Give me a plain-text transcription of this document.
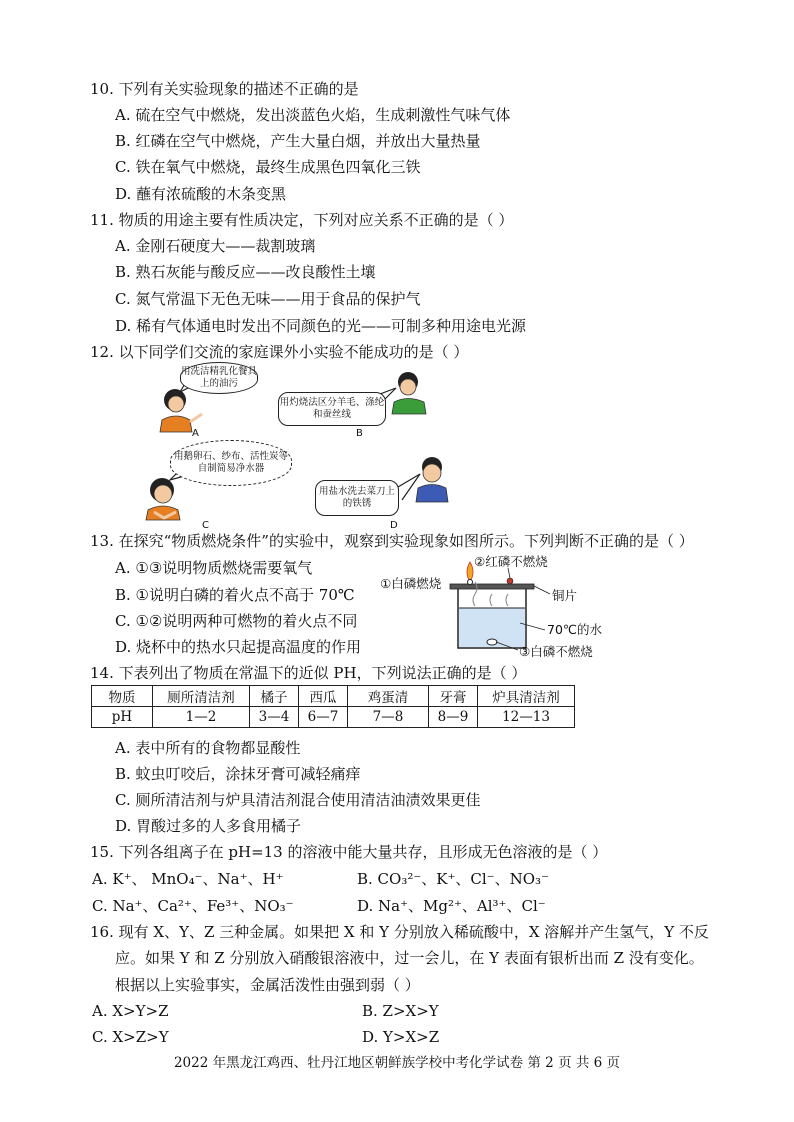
10. 下列有关实验现象的描述不正确的是
A. 硫在空气中燃烧，发出淡蓝色火焰，生成刺激性气味气体
B. 红磷在空气中燃烧，产生大量白烟，并放出大量热量
C. 铁在氧气中燃烧，最终生成黑色四氧化三铁
D. 蘸有浓硫酸的木条变黑
11. 物质的用途主要有性质决定，下列对应关系不正确的是（ ）
A. 金刚石硬度大——裁割玻璃
B. 熟石灰能与酸反应——改良酸性土壤
C. 氮气常温下无色无味——用于食品的保护气
D. 稀有气体通电时发出不同颜色的光——可制多种用途电光源
12. 以下同学们交流的家庭课外小实验不能成功的是（ ）
用洗洁精乳化餐具上的油污
用灼烧法区分羊毛、涤纶和蚕丝线
用鹅卵石、纱布、活性炭等自制简易净水器
用盐水洗去菜刀上的铁锈
A	B
C	D
13. 在探究“物质燃烧条件”的实验中，观察到实验现象如图所示。下列判断不正确的是（ ）
A. ①③说明物质燃烧需要氧气
B. ①说明白磷的着火点不高于 70℃
C. ①②说明两种可燃物的着火点不同
D. 烧杯中的热水只起提高温度的作用
①白磷燃烧
②红磷不燃烧
铜片
70℃的水
③白磷不燃烧
14. 下表列出了物质在常温下的近似 PH，下列说法正确的是（ ）
物质	厕所清洁剂	橘子	西瓜	鸡蛋清	牙膏	炉具清洁剂
pH	1—2	3—4	6—7	7—8	8—9	12—13
A. 表中所有的食物都显酸性
B. 蚊虫叮咬后，涂抹牙膏可减轻痛痒
C. 厕所清洁剂与炉具清洁剂混合使用清洁油渍效果更佳
D. 胃酸过多的人多食用橘子
15. 下列各组离子在 pH=13 的溶液中能大量共存，且形成无色溶液的是（ ）
A. K⁺、 MnO₄⁻、Na⁺、H⁺	B. CO₃²⁻、K⁺、Cl⁻、NO₃⁻
C. Na⁺、Ca²⁺、Fe³⁺、NO₃⁻	D. Na⁺、Mg²⁺、Al³⁺、Cl⁻
16. 现有 X、Y、Z 三种金属。如果把 X 和 Y 分别放入稀硫酸中，X 溶解并产生氢气，Y 不反
应。如果 Y 和 Z 分别放入硝酸银溶液中，过一会儿，在 Y 表面有银析出而 Z 没有变化。
根据以上实验事实，金属活泼性由强到弱（ ）
A. X>Y>Z	B. Z>X>Y
C. X>Z>Y	D. Y>X>Z
2022 年黑龙江鸡西、牡丹江地区朝鲜族学校中考化学试卷 第 2 页 共 6 页
